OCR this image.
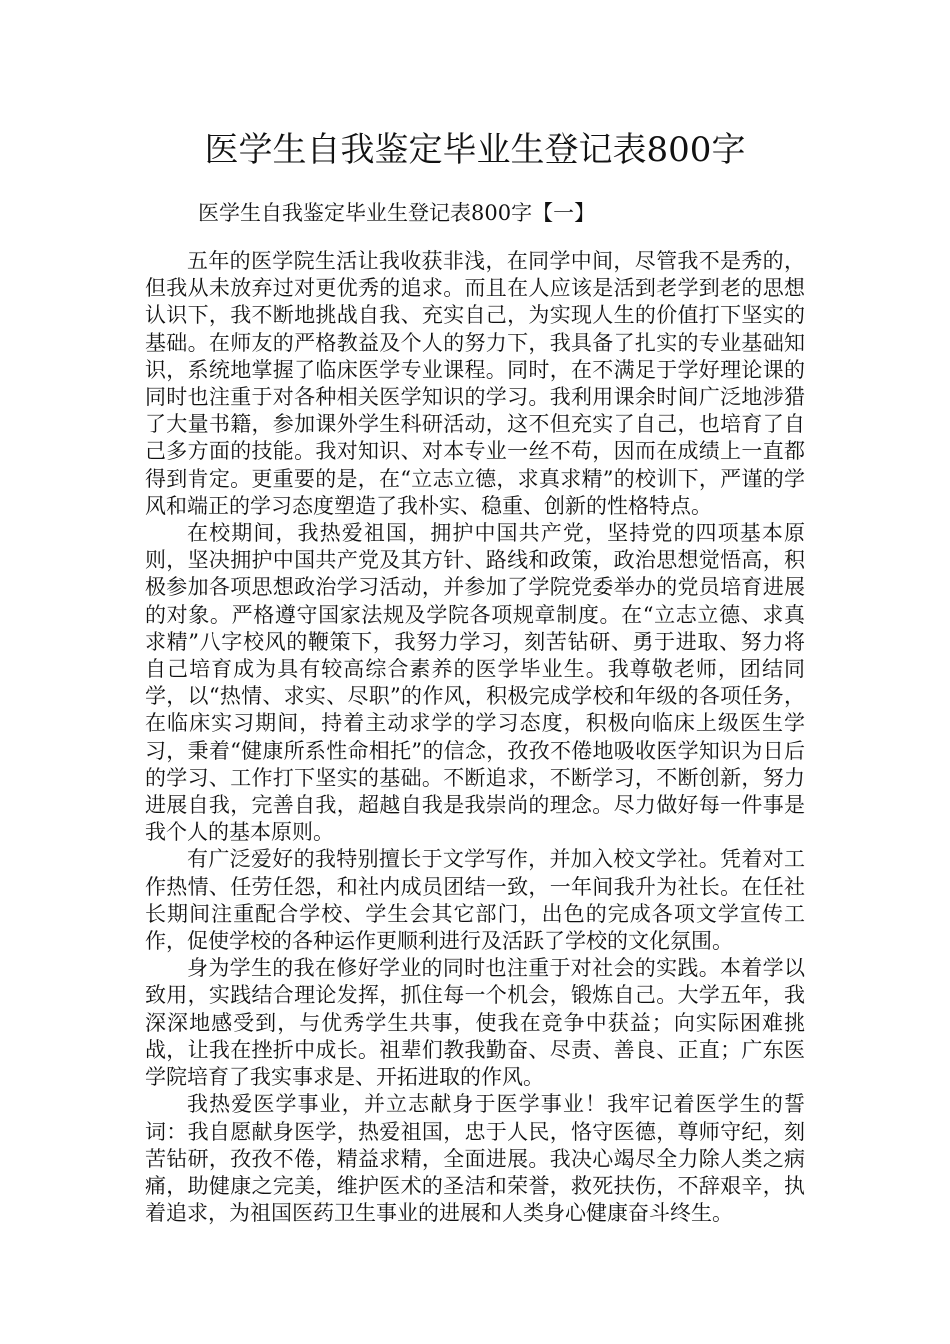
医学生自我鉴定毕业生登记表800字
医学生自我鉴定毕业生登记表800字【一】

五年的医学院生活让我收获非浅，在同学中间，尽管我不是秀的，但我从未放弃过对更优秀的追求。而且在人应该是活到老学到老的思想认识下，我不断地挑战自我、充实自己，为实现人生的价值打下坚实的基础。在师友的严格教益及个人的努力下，我具备了扎实的专业基础知识，系统地掌握了临床医学专业课程。同时，在不满足于学好理论课的同时也注重于对各种相关医学知识的学习。我利用课余时间广泛地涉猎了大量书籍，参加课外学生科研活动，这不但充实了自己，也培育了自己多方面的技能。我对知识、对本专业一丝不苟，因而在成绩上一直都得到肯定。更重要的是，在“立志立德，求真求精”的校训下，严谨的学风和端正的学习态度塑造了我朴实、稳重、创新的性格特点。

在校期间，我热爱祖国，拥护中国共产党，坚持党的四项基本原则，坚决拥护中国共产党及其方针、路线和政策，政治思想觉悟高，积极参加各项思想政治学习活动，并参加了学院党委举办的党员培育进展的对象。严格遵守国家法规及学院各项规章制度。在“立志立德、求真求精”八字校风的鞭策下，我努力学习，刻苦钻研、勇于进取、努力将自己培育成为具有较高综合素养的医学毕业生。我尊敬老师，团结同学，以“热情、求实、尽职”的作风，积极完成学校和年级的各项任务，在临床实习期间，持着主动求学的学习态度，积极向临床上级医生学习，秉着“健康所系性命相托”的信念，孜孜不倦地吸收医学知识为日后的学习、工作打下坚实的基础。不断追求，不断学习，不断创新，努力进展自我，完善自我，超越自我是我崇尚的理念。尽力做好每一件事是我个人的基本原则。

有广泛爱好的我特别擅长于文学写作，并加入校文学社。凭着对工作热情、任劳任怨，和社内成员团结一致，一年间我升为社长。在任社长期间注重配合学校、学生会其它部门，出色的完成各项文学宣传工作，促使学校的各种运作更顺利进行及活跃了学校的文化氛围。

身为学生的我在修好学业的同时也注重于对社会的实践。本着学以致用，实践结合理论发挥，抓住每一个机会，锻炼自己。大学五年，我深深地感受到，与优秀学生共事，使我在竞争中获益；向实际困难挑战，让我在挫折中成长。祖辈们教我勤奋、尽责、善良、正直；广东医学院培育了我实事求是、开拓进取的作风。

我热爱医学事业，并立志献身于医学事业！我牢记着医学生的誓词：我自愿献身医学，热爱祖国，忠于人民，恪守医德，尊师守纪，刻苦钻研，孜孜不倦，精益求精，全面进展。我决心竭尽全力除人类之病痛，助健康之完美，维护医术的圣洁和荣誉，救死扶伤，不辞艰辛，执着追求，为祖国医药卫生事业的进展和人类身心健康奋斗终生。
